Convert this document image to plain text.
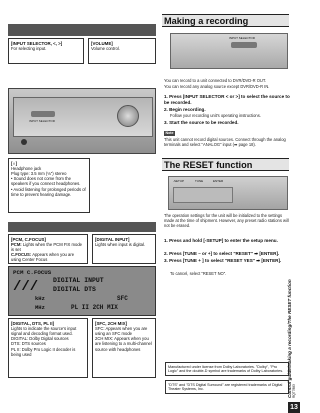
[INPUT SELECTOR, <, >]
For selecting input.
[VOLUME]
Volume control.
INPUT SELECTOR
[∩]
Headphone jack
Plug type: 3.5 mm (⅛") stereo
• Sound does not come from the speakers if you connect headphones.
• Avoid listening for prolonged periods of time to prevent hearing damage.
[PCM, C.FOCUS]
PCM: Lights when the PCM FIX mode is set
C.FOCUS: Appears when you are using Center Focus
[DIGITAL INPUT]
Lights when input is digital.
PCM C.FOCUS
DIGITAL INPUT
/// DIGITAL DTS
kHz	SFC
MHz	PL II 2CH MIX
[DIGITAL, DTS, PL II]
Lights to indicate the source's input signal and decoding format used.
DIGITAL: Dolby Digital sources
DTS: DTS sources
PL II: Dolby Pro Logic II decoder is being used
[SFC, 2CH MIX]
SFC: Appears when you are using an SFC mode
2CH MIX: Appears when you are listening to a multi-channel source with headphones
Making a recording
INPUT SELECTOR
You can record to a unit connected to DVR/DVD-R OUT.
You can record any analog source except DVR/DVD-R IN.
1. Press [INPUT SELECTOR < or >] to select the source to be recorded.
2. Begin recording.
Follow your recording unit's operating instructions.
3. Start the source to be recorded.
Note
This unit cannot record digital sources. Connect through the analog terminals and select "ANALOG" input (➡ page 18).
The RESET function
-SETUP	TUNE	ENTER
The operation settings for the unit will be initialized to the settings made at the time of shipment. However, any preset radio stations will not be erased.
1. Press and hold [-SETUP] to enter the setup menu.
2. Press [TUNE – or +] to select "RESET" ➡ [ENTER].
3. Press [TUNE + ] to select "RESET YES" ➡ [ENTER].
To cancel, select "RESET NO".
Manufactured under license from Dolby Laboratories. "Dolby", "Pro Logic" and the double-D symbol are trademarks of Dolby Laboratories.
"DTS" and "DTS Digital Surround" are registered trademarks of Digital Theater Systems, Inc.	Control guide/Making a recording/The RESET function
13
RQT7883
